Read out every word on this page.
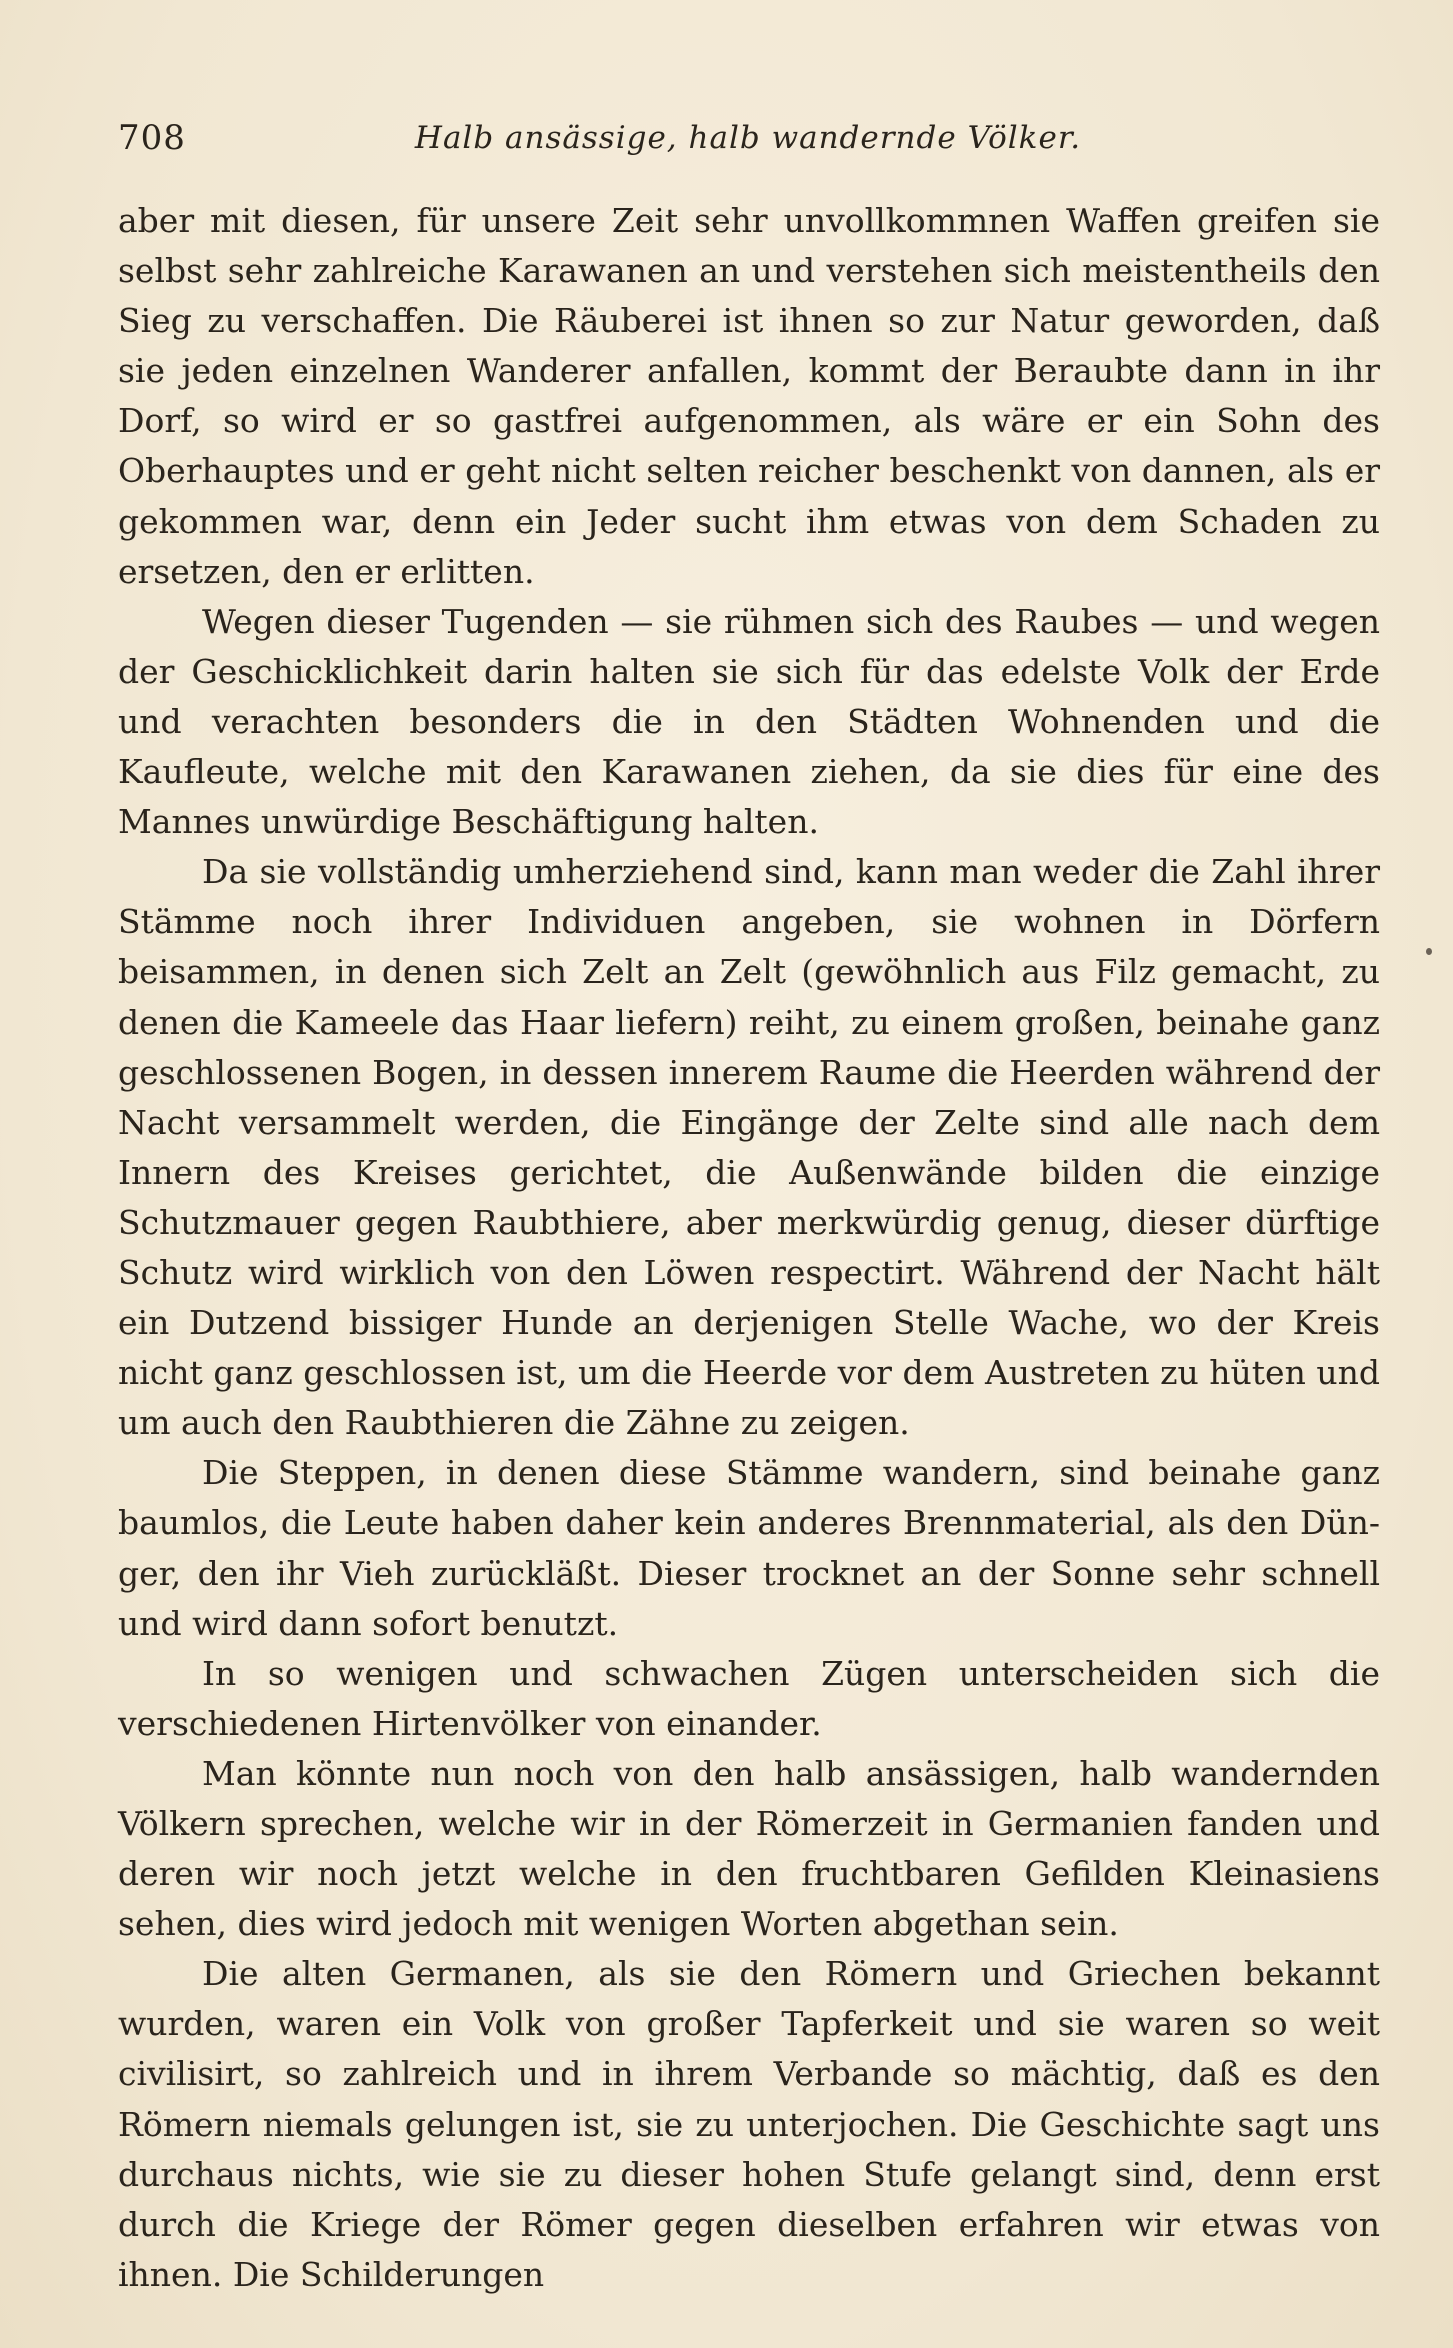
708	Halb ansässige, halb wandernde Völker.

aber mit diesen, für unsere Zeit sehr unvollkommnen Waffen greifen sie selbst sehr zahlreiche Karawanen an und verstehen sich meistentheils den Sieg zu verschaffen. Die Räuberei ist ihnen so zur Natur geworden, daß sie jeden einzelnen Wanderer anfallen, kommt der Beraubte dann in ihr Dorf, so wird er so gastfrei aufgenommen, als wäre er ein Sohn des Oberhauptes und er geht nicht selten reicher beschenkt von dannen, als er gekommen war, denn ein Jeder sucht ihm etwas von dem Schaden zu ersetzen, den er erlitten.

Wegen dieser Tugenden — sie rühmen sich des Raubes — und wegen der Geschicklichkeit darin halten sie sich für das edelste Volk der Erde und verachten besonders die in den Städten Wohnenden und die Kaufleute, welche mit den Karawanen ziehen, da sie dies für eine des Mannes unwürdige Beschäftigung halten.

Da sie vollständig umherziehend sind, kann man weder die Zahl ihrer Stämme noch ihrer Individuen angeben, sie wohnen in Dörfern beisammen, in denen sich Zelt an Zelt (gewöhnlich aus Filz gemacht, zu denen die Kameele das Haar liefern) reiht, zu einem großen, beinahe ganz geschlossenen Bogen, in dessen innerem Raume die Heerden während der Nacht versammelt werden, die Eingänge der Zelte sind alle nach dem Innern des Kreises gerichtet, die Außenwände bilden die einzige Schutzmauer gegen Raubthiere, aber merkwürdig genug, dieser dürftige Schutz wird wirklich von den Löwen respectirt. Während der Nacht hält ein Dutzend bissiger Hunde an derjenigen Stelle Wache, wo der Kreis nicht ganz geschlossen ist, um die Heerde vor dem Austreten zu hüten und um auch den Raubthieren die Zähne zu zeigen.

Die Steppen, in denen diese Stämme wandern, sind beinahe ganz baumlos, die Leute haben daher kein anderes Brennmaterial, als den Dünger, den ihr Vieh zurückläßt. Dieser trocknet an der Sonne sehr schnell und wird dann sofort benutzt.

In so wenigen und schwachen Zügen unterscheiden sich die verschiedenen Hirtenvölker von einander.

Man könnte nun noch von den halb ansässigen, halb wandernden Völkern sprechen, welche wir in der Römerzeit in Germanien fanden und deren wir noch jetzt welche in den fruchtbaren Gefilden Kleinasiens sehen, dies wird jedoch mit wenigen Worten abgethan sein.

Die alten Germanen, als sie den Römern und Griechen bekannt wurden, waren ein Volk von großer Tapferkeit und sie waren so weit civilisirt, so zahlreich und in ihrem Verbande so mächtig, daß es den Römern niemals gelungen ist, sie zu unterjochen. Die Geschichte sagt uns durchaus nichts, wie sie zu dieser hohen Stufe gelangt sind, denn erst durch die Kriege der Römer gegen dieselben erfahren wir etwas von ihnen. Die Schilderungen
